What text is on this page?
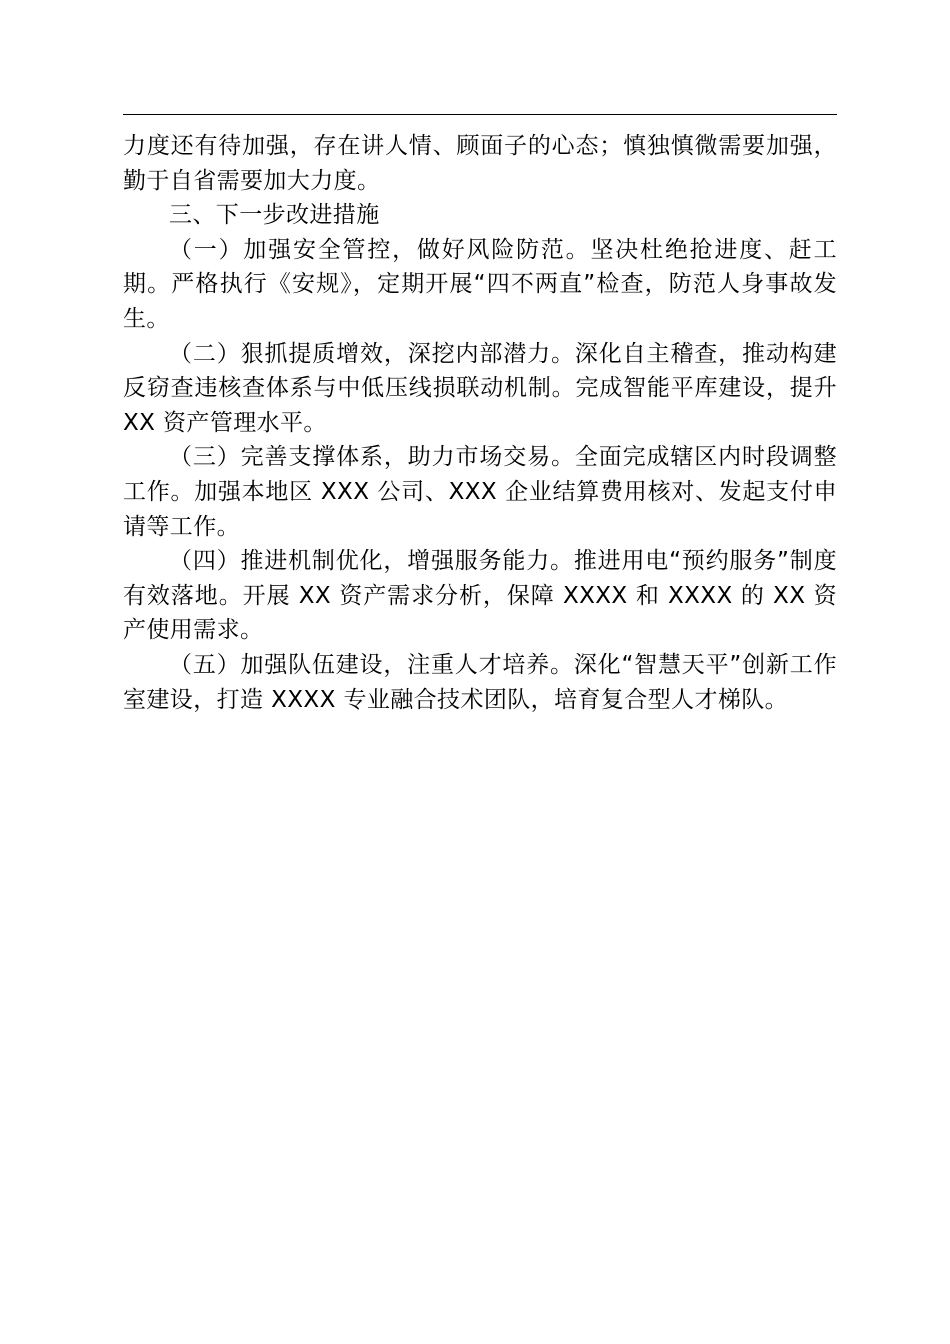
力度还有待加强，存在讲人情、顾面子的心态；慎独慎微需要加强，勤于自省需要加大力度。

三、下一步改进措施

（一）加强安全管控，做好风险防范。坚决杜绝抢进度、赶工期。严格执行《安规》，定期开展“四不两直”检查，防范人身事故发生。

（二）狠抓提质增效，深挖内部潜力。深化自主稽查，推动构建反窃查违核查体系与中低压线损联动机制。完成智能平库建设，提升 XX 资产管理水平。

（三）完善支撑体系，助力市场交易。全面完成辖区内时段调整工作。加强本地区 XXX 公司、XXX 企业结算费用核对、发起支付申请等工作。

（四）推进机制优化，增强服务能力。推进用电“预约服务”制度有效落地。开展 XX 资产需求分析，保障 XXXX 和 XXXX 的 XX 资产使用需求。

（五）加强队伍建设，注重人才培养。深化“智慧天平”创新工作室建设，打造 XXXX 专业融合技术团队，培育复合型人才梯队。
